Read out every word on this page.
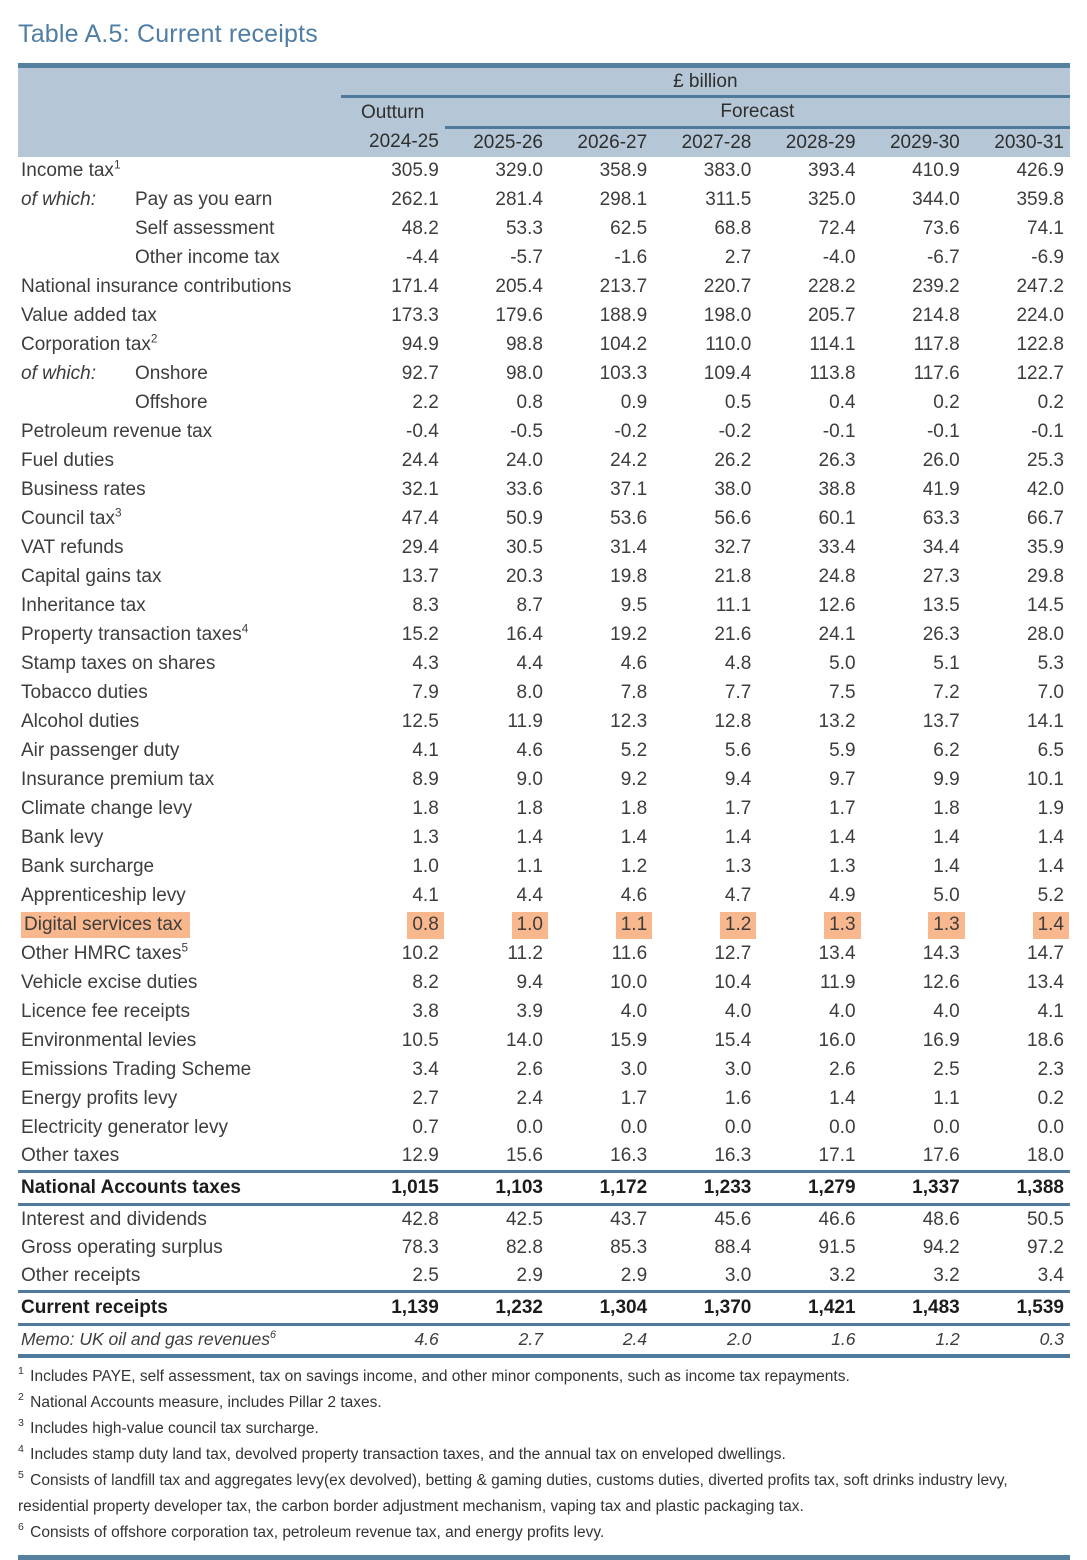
Table A.5: Current receipts
	£ billion						
	Outturn	Forecast					
	2024-25	2025-26	2026-27	2027-28	2028-29	2029-30	2030-31
Income tax$^1$	305.9	329.0	358.9	383.0	393.4	410.9	426.9
of which: Pay as you earn	262.1	281.4	298.1	311.5	325.0	344.0	359.8
Self assessment	48.2	53.3	62.5	68.8	72.4	73.6	74.1
Other income tax	-4.4	-5.7	-1.6	2.7	-4.0	-6.7	-6.9
National insurance contributions	171.4	205.4	213.7	220.7	228.2	239.2	247.2
Value added tax	173.3	179.6	188.9	198.0	205.7	214.8	224.0
Corporation tax$^2$	94.9	98.8	104.2	110.0	114.1	117.8	122.8
of which: Onshore	92.7	98.0	103.3	109.4	113.8	117.6	122.7
Offshore	2.2	0.8	0.9	0.5	0.4	0.2	0.2
Petroleum revenue tax	-0.4	-0.5	-0.2	-0.2	-0.1	-0.1	-0.1
Fuel duties	24.4	24.0	24.2	26.2	26.3	26.0	25.3
Business rates	32.1	33.6	37.1	38.0	38.8	41.9	42.0
Council tax$^3$	47.4	50.9	53.6	56.6	60.1	63.3	66.7
VAT refunds	29.4	30.5	31.4	32.7	33.4	34.4	35.9
Capital gains tax	13.7	20.3	19.8	21.8	24.8	27.3	29.8
Inheritance tax	8.3	8.7	9.5	11.1	12.6	13.5	14.5
Property transaction taxes$^4$	15.2	16.4	19.2	21.6	24.1	26.3	28.0
Stamp taxes on shares	4.3	4.4	4.6	4.8	5.0	5.1	5.3
Tobacco duties	7.9	8.0	7.8	7.7	7.5	7.2	7.0
Alcohol duties	12.5	11.9	12.3	12.8	13.2	13.7	14.1
Air passenger duty	4.1	4.6	5.2	5.6	5.9	6.2	6.5
Insurance premium tax	8.9	9.0	9.2	9.4	9.7	9.9	10.1
Climate change levy	1.8	1.8	1.8	1.7	1.7	1.8	1.9
Bank levy	1.3	1.4	1.4	1.4	1.4	1.4	1.4
Bank surcharge	1.0	1.1	1.2	1.3	1.3	1.4	1.4
Apprenticeship levy	4.1	4.4	4.6	4.7	4.9	5.0	5.2
Digital services tax	0.8	1.0	1.1	1.2	1.3	1.3	1.4
Other HMRC taxes$^5$	10.2	11.2	11.6	12.7	13.4	14.3	14.7
Vehicle excise duties	8.2	9.4	10.0	10.4	11.9	12.6	13.4
Licence fee receipts	3.8	3.9	4.0	4.0	4.0	4.0	4.1
Environmental levies	10.5	14.0	15.9	15.4	16.0	16.9	18.6
Emissions Trading Scheme	3.4	2.6	3.0	3.0	2.6	2.5	2.3
Energy profits levy	2.7	2.4	1.7	1.6	1.4	1.1	0.2
Electricity generator levy	0.7	0.0	0.0	0.0	0.0	0.0	0.0
Other taxes	12.9	15.6	16.3	16.3	17.1	17.6	18.0
National Accounts taxes	1,015	1,103	1,172	1,233	1,279	1,337	1,388
Interest and dividends	42.8	42.5	43.7	45.6	46.6	48.6	50.5
Gross operating surplus	78.3	82.8	85.3	88.4	91.5	94.2	97.2
Other receipts	2.5	2.9	2.9	3.0	3.2	3.2	3.4
Current receipts	1,139	1,232	1,304	1,370	1,421	1,483	1,539
Memo: UK oil and gas revenues$^6$	4.6	2.7	2.4	2.0	1.6	1.2	0.3
$^1$ Includes PAYE, self assessment, tax on savings income, and other minor components, such as income tax repayments.
$^2$ National Accounts measure, includes Pillar 2 taxes.
$^3$ Includes high-value council tax surcharge.
$^4$ Includes stamp duty land tax, devolved property transaction taxes, and the annual tax on enveloped dwellings.
$^5$ Consists of landfill tax and aggregates levy(ex devolved), betting & gaming duties, customs duties, diverted profits tax, soft drinks industry levy, residential property developer tax, the carbon border adjustment mechanism, vaping tax and plastic packaging tax.
$^6$ Consists of offshore corporation tax, petroleum revenue tax, and energy profits levy.
